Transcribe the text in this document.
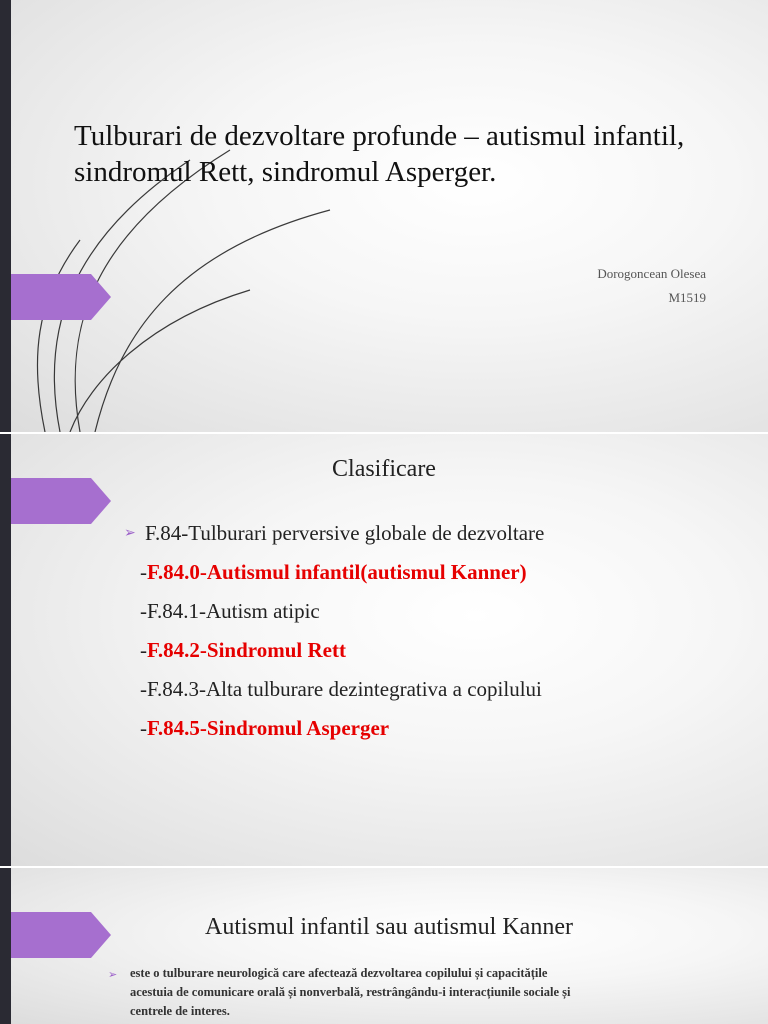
Tulburari de dezvoltare profunde – autismul infantil, sindromul Rett, sindromul Asperger.
Dorogoncean Olesea
M1519
Clasificare
➢ F.84-Tulburari perversive globale de dezvoltare
-F.84.0-Autismul infantil(autismul Kanner)
-F.84.1-Autism atipic
-F.84.2-Sindromul Rett
-F.84.3-Alta tulburare dezintegrativa a copilului
-F.84.5-Sindromul Asperger
Autismul infantil sau autismul Kanner
➢ este o tulburare neurologică care afectează dezvoltarea copilului și capacitățile acestuia de comunicare orală și nonverbală, restrângându-i interacțiunile sociale și centrele de interes.
